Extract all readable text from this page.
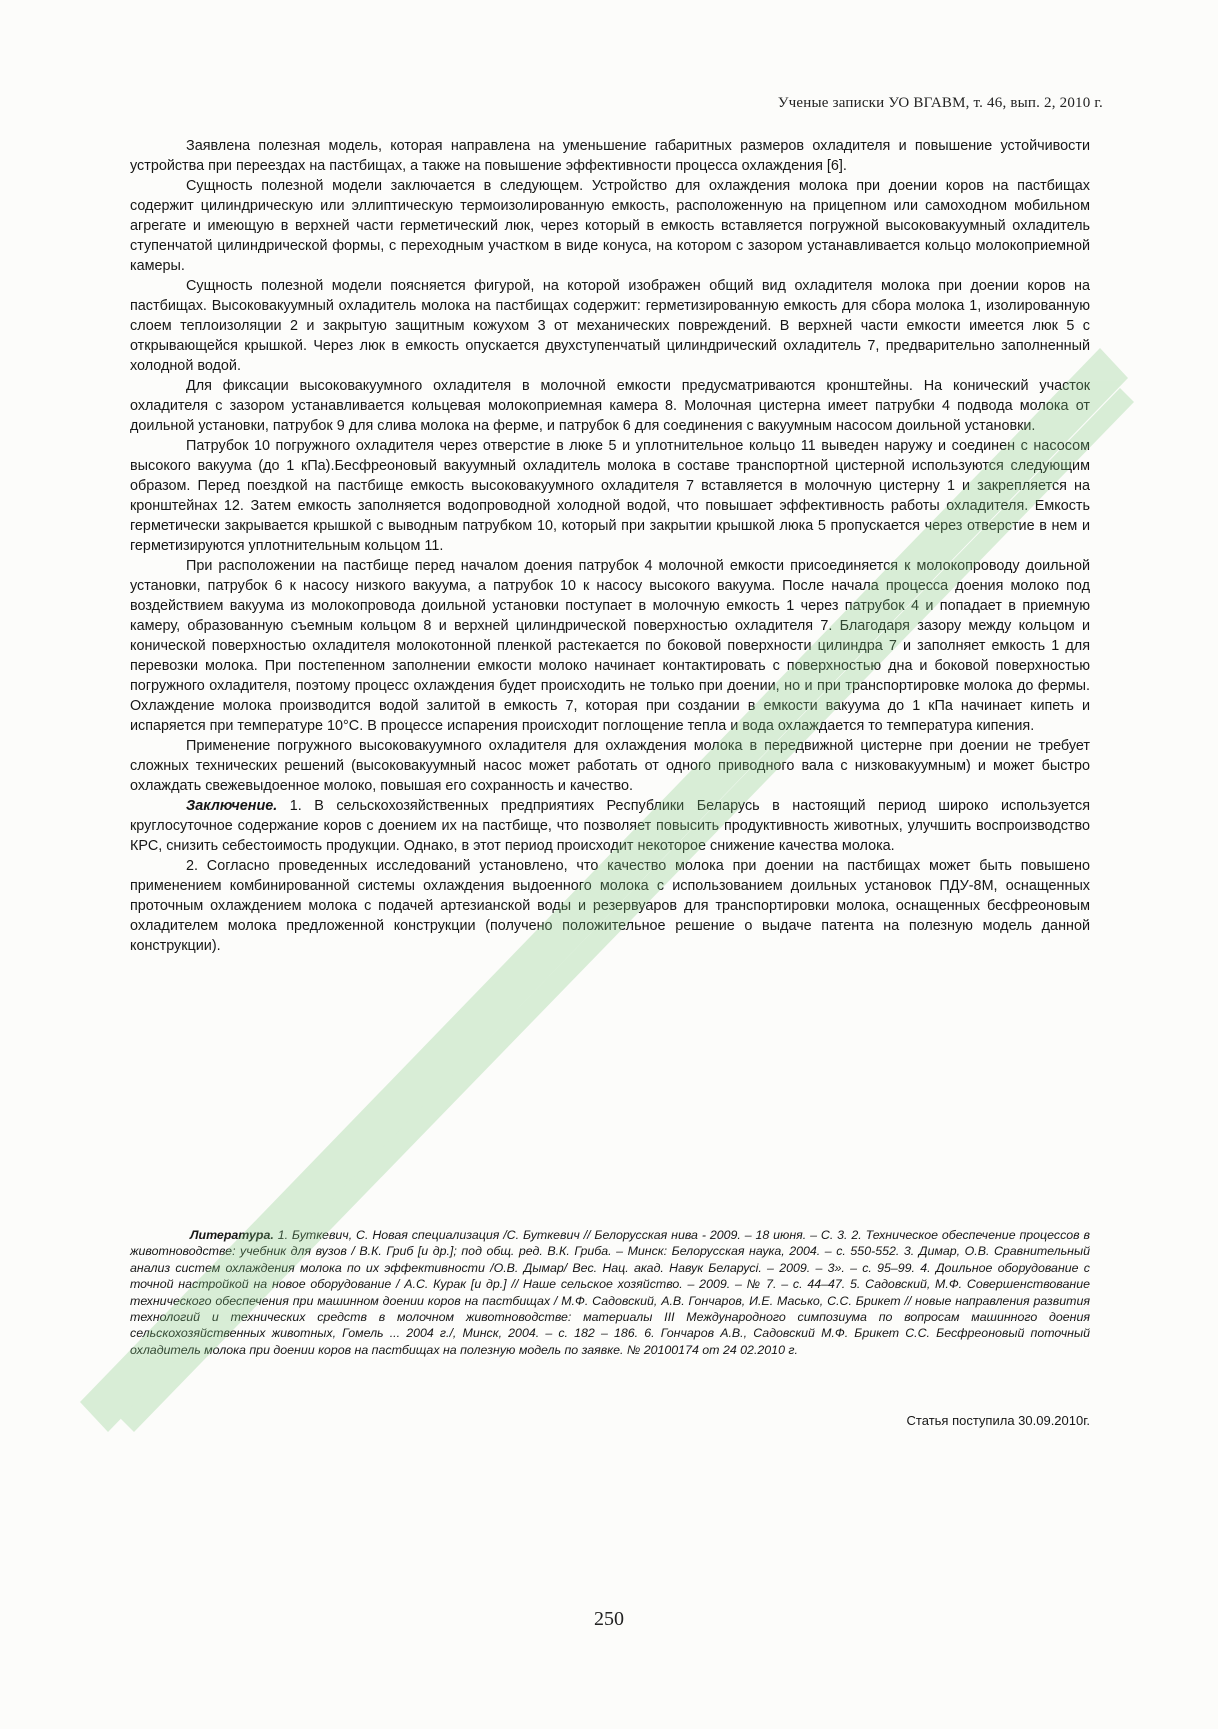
Ученые записки УО ВГАВМ, т. 46, вып. 2, 2010 г.

Заявлена полезная модель, которая направлена на уменьшение габаритных размеров охладителя и повышение устойчивости устройства при переездах на пастбищах, а также на повышение эффективности процесса охлаждения [6].

Сущность полезной модели заключается в следующем. Устройство для охлаждения молока при доении коров на пастбищах содержит цилиндрическую или эллиптическую термоизолированную емкость, расположенную на прицепном или самоходном мобильном агрегате и имеющую в верхней части герметический люк, через который в емкость вставляется погружной высоковакуумный охладитель ступенчатой цилиндрической формы, с переходным участком в виде конуса, на котором с зазором устанавливается кольцо молокоприемной камеры.

Сущность полезной модели поясняется фигурой, на которой изображен общий вид охладителя молока при доении коров на пастбищах. Высоковакуумный охладитель молока на пастбищах содержит: герметизированную емкость для сбора молока 1, изолированную слоем теплоизоляции 2 и закрытую защитным кожухом 3 от механических повреждений. В верхней части емкости имеется люк 5 с открывающейся крышкой. Через люк в емкость опускается двухступенчатый цилиндрический охладитель 7, предварительно заполненный холодной водой.

Для фиксации высоковакуумного охладителя в молочной емкости предусматриваются кронштейны. На конический участок охладителя с зазором устанавливается кольцевая молокоприемная камера 8. Молочная цистерна имеет патрубки 4 подвода молока от доильной установки, патрубок 9 для слива молока на ферме, и патрубок 6 для соединения с вакуумным насосом доильной установки.

Патрубок 10 погружного охладителя через отверстие в люке 5 и уплотнительное кольцо 11 выведен наружу и соединен с насосом высокого вакуума (до 1 кПа).Бесфреоновый вакуумный охладитель молока в составе транспортной цистерной используются следующим образом. Перед поездкой на пастбище емкость высоковакуумного охладителя 7 вставляется в молочную цистерну 1 и закрепляется на кронштейнах 12. Затем емкость заполняется водопроводной холодной водой, что повышает эффективность работы охладителя. Емкость герметически закрывается крышкой с выводным патрубком 10, который при закрытии крышкой люка 5 пропускается через отверстие в нем и герметизируются уплотнительным кольцом 11.

При расположении на пастбище перед началом доения патрубок 4 молочной емкости присоединяется к молокопроводу доильной установки, патрубок 6 к насосу низкого вакуума, а патрубок 10 к насосу высокого вакуума. После начала процесса доения молоко под воздействием вакуума из молокопровода доильной установки поступает в молочную емкость 1 через патрубок 4 и попадает в приемную камеру, образованную съемным кольцом 8 и верхней цилиндрической поверхностью охладителя 7. Благодаря зазору между кольцом и конической поверхностью охладителя молокотонной пленкой растекается по боковой поверхности цилиндра 7 и заполняет емкость 1 для перевозки молока. При постепенном заполнении емкости молоко начинает контактировать с поверхностью дна и боковой поверхностью погружного охладителя, поэтому процесс охлаждения будет происходить не только при доении, но и при транспортировке молока до фермы. Охлаждение молока производится водой залитой в емкость 7, которая при создании в емкости вакуума до 1 кПа начинает кипеть и испаряется при температуре 10°С. В процессе испарения происходит поглощение тепла и вода охлаждается то температура кипения.

Применение погружного высоковакуумного охладителя для охлаждения молока в передвижной цистерне при доении не требует сложных технических решений (высоковакуумный насос может работать от одного приводного вала с низковакуумным) и может быстро охлаждать свежевыдоенное молоко, повышая его сохранность и качество.

Заключение. 1. В сельскохозяйственных предприятиях Республики Беларусь в настоящий период широко используется круглосуточное содержание коров с доением их на пастбище, что позволяет повысить продуктивность животных, улучшить воспроизводство КРС, снизить себестоимость продукции. Однако, в этот период происходит некоторое снижение качества молока.

2. Согласно проведенных исследований установлено, что качество молока при доении на пастбищах может быть повышено применением комбинированной системы охлаждения выдоенного молока с использованием доильных установок ПДУ-8М, оснащенных проточным охлаждением молока с подачей артезианской воды и резервуаров для транспортировки молока, оснащенных бесфреоновым охладителем молока предложенной конструкции (получено положительное решение о выдаче патента на полезную модель данной конструкции).

Литература. 1. Буткевич, С. Новая специализация /С. Буткевич // Белорусская нива - 2009. – 18 июня. – С. 3. 2. Техническое обеспечение процессов в животноводстве: учебник для вузов / В.К. Гриб [и др.]; под общ. ред. В.К. Гриба. – Минск: Белорусская наука, 2004. – с. 550-552. 3. Димар, О.В. Сравнительный анализ систем охлаждения молока по их эффективности /О.В. Дымар/ Вес. Нац. акад. Навук Беларусі. – 2009. – 3». – с. 95–99. 4. Доильное оборудование с точной настройкой на новое оборудование / А.С. Курак [и др.] // Наше сельское хозяйство. – 2009. – № 7. – с. 44–47. 5. Садовский, М.Ф. Совершенствование технического обеспечения при машинном доении коров на пастбищах / М.Ф. Садовский, А.В. Гончаров, И.Е. Масько, С.С. Брикет // новые направления развития технологий и технических средств в молочном животноводстве: материалы III Международного симпозиума по вопросам машинного доения сельскохозяйственных животных, Гомель ... 2004 г./, Минск, 2004. – с. 182 – 186. 6. Гончаров А.В., Садовский М.Ф. Брикет С.С. Бесфреоновый поточный охладитель молока при доении коров на пастбищах на полезную модель по заявке. № 20100174 от 24 02.2010 г.
Статья поступила 30.09.2010г.
250
